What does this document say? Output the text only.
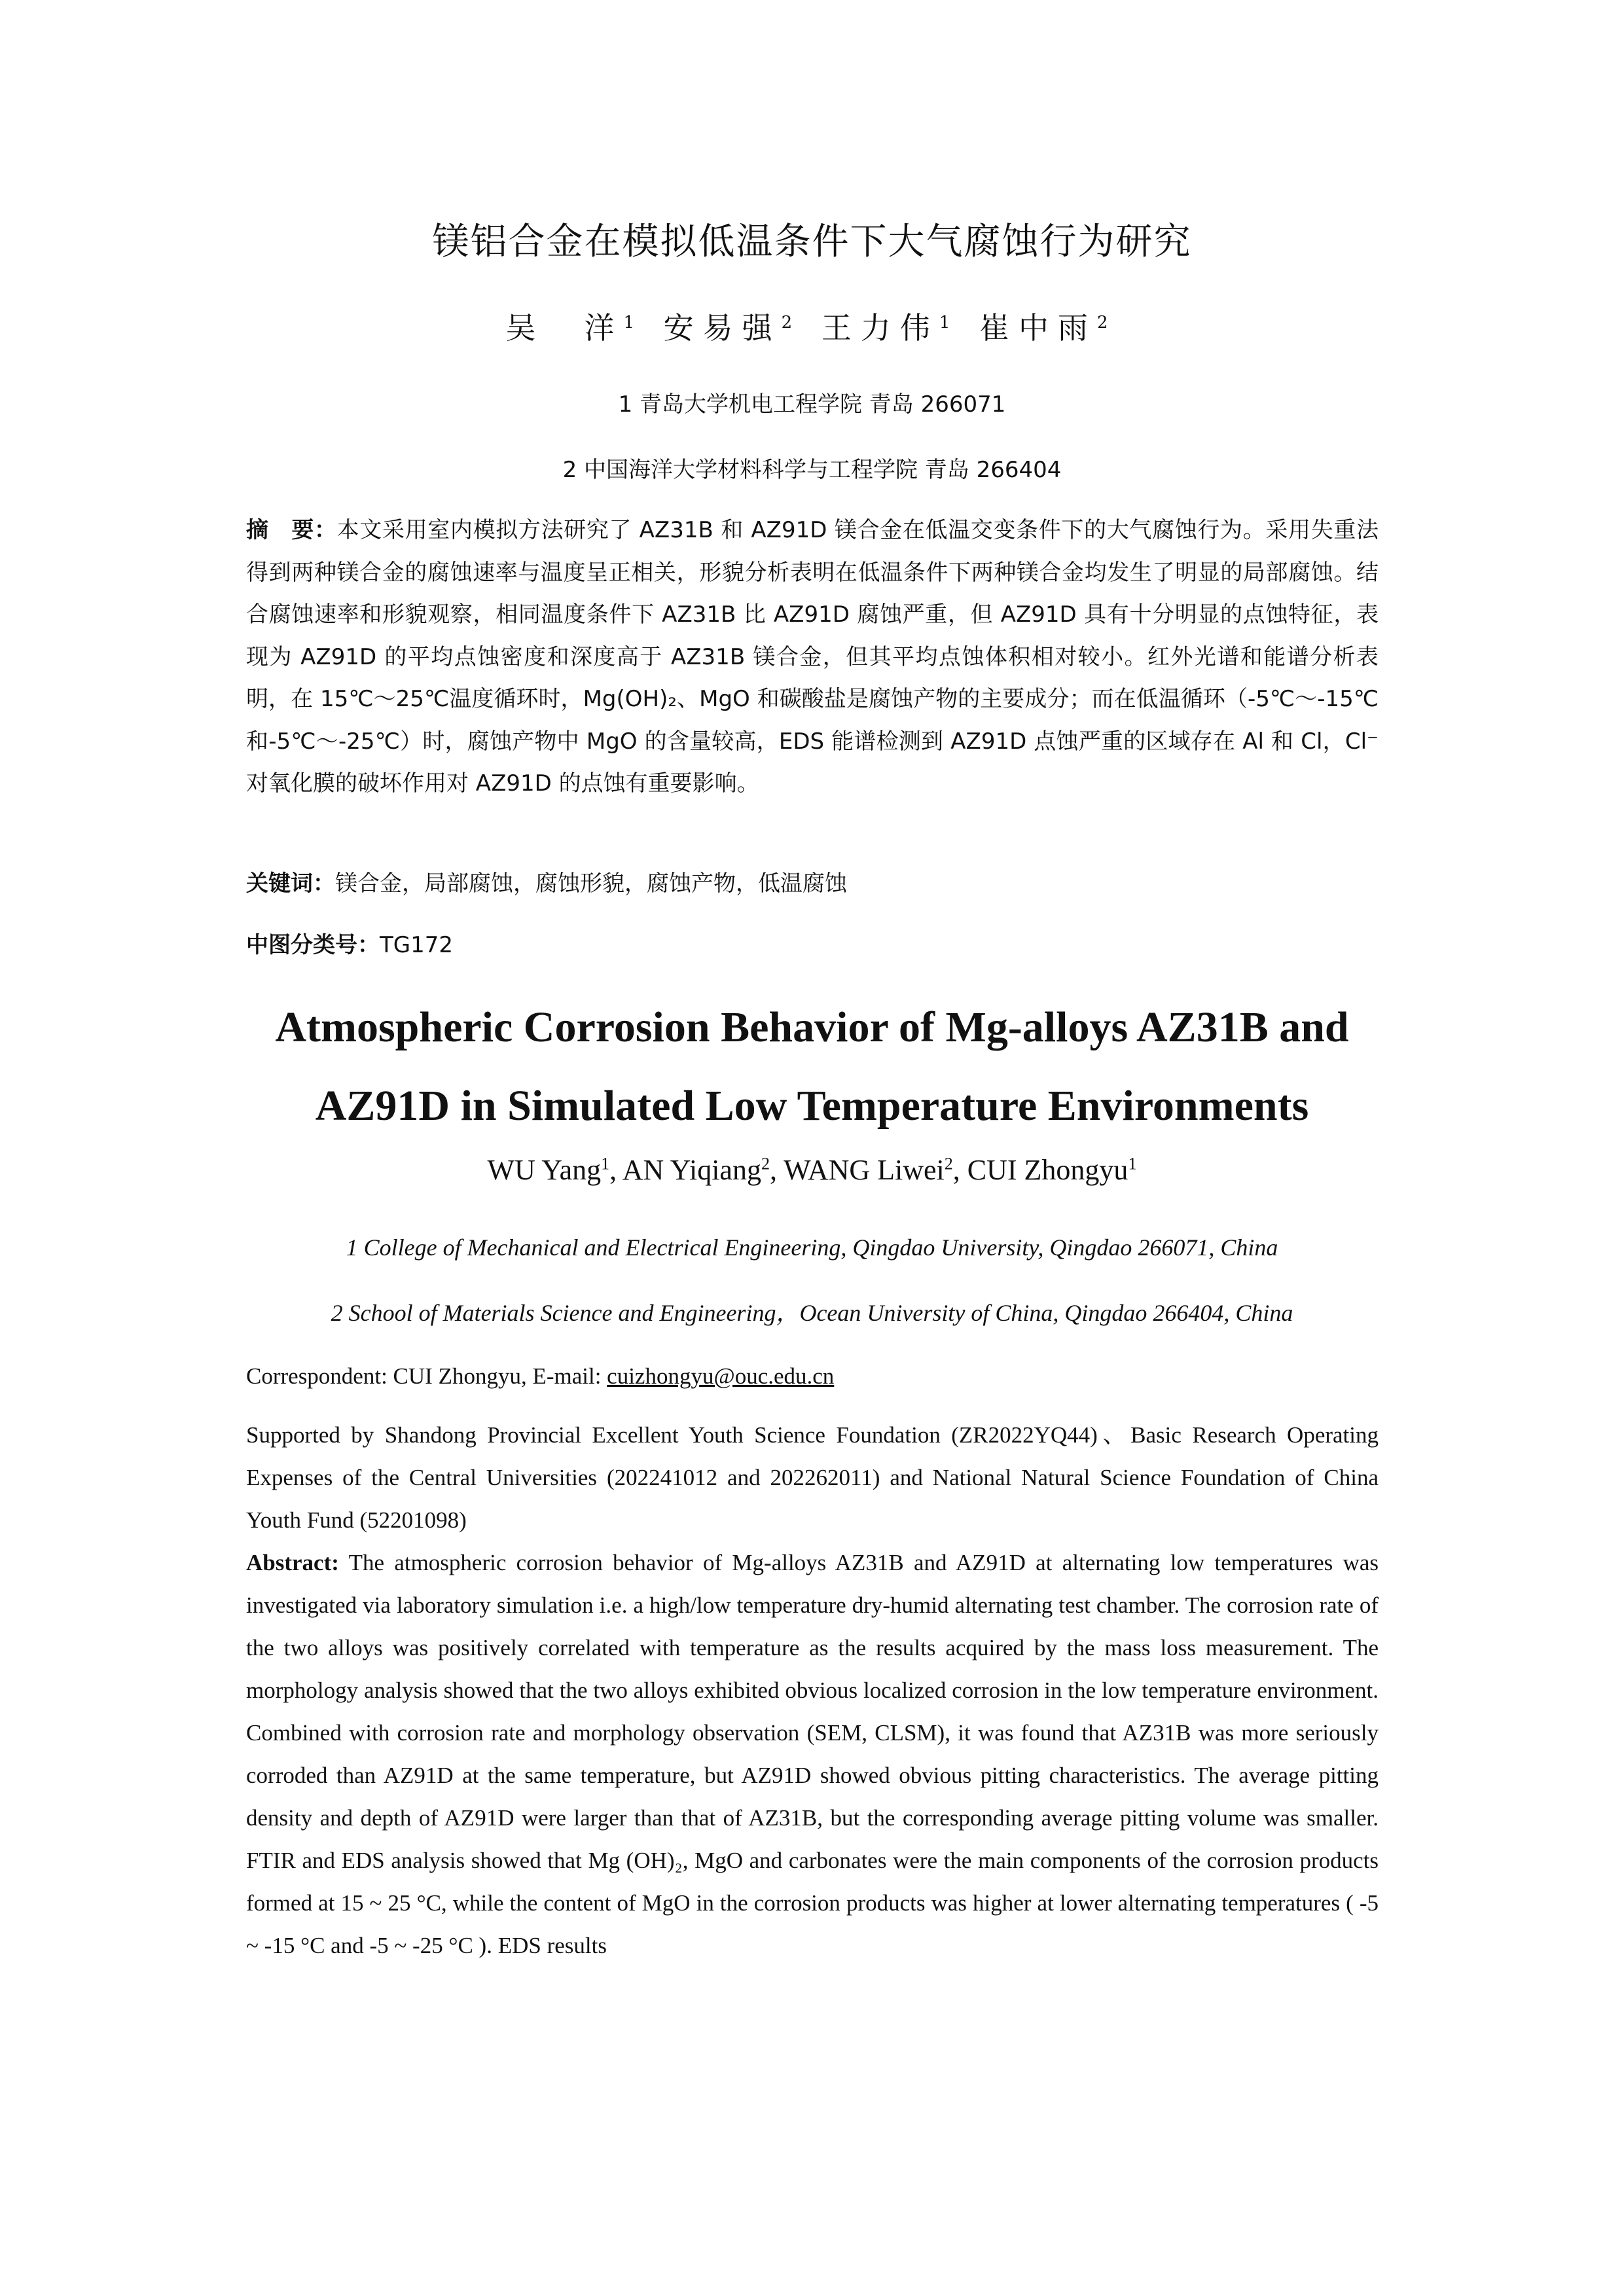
镁铝合金在模拟低温条件下大气腐蚀行为研究
吴　洋$^1$ 安易强$^2$ 王力伟$^1$ 崔中雨$^2$
1 青岛大学机电工程学院 青岛 266071
2 中国海洋大学材料科学与工程学院 青岛 266404

摘　要：本文采用室内模拟方法研究了 AZ31B 和 AZ91D 镁合金在低温交变条件下的大气腐蚀行为。采用失重法得到两种镁合金的腐蚀速率与温度呈正相关，形貌分析表明在低温条件下两种镁合金均发生了明显的局部腐蚀。结合腐蚀速率和形貌观察，相同温度条件下 AZ31B 比 AZ91D 腐蚀严重，但 AZ91D 具有十分明显的点蚀特征，表现为 AZ91D 的平均点蚀密度和深度高于 AZ31B 镁合金，但其平均点蚀体积相对较小。红外光谱和能谱分析表明，在 15℃～25℃温度循环时，Mg(OH)₂、MgO 和碳酸盐是腐蚀产物的主要成分；而在低温循环（-5℃～-15℃和-5℃～-25℃）时，腐蚀产物中 MgO 的含量较高，EDS 能谱检测到 AZ91D 点蚀严重的区域存在 Al 和 Cl，Cl⁻对氧化膜的破坏作用对 AZ91D 的点蚀有重要影响。

关键词：镁合金，局部腐蚀，腐蚀形貌，腐蚀产物，低温腐蚀

中图分类号：TG172

Atmospheric Corrosion Behavior of Mg-alloys AZ31B and
AZ91D in Simulated Low Temperature Environments
WU Yang$^1$, AN Yiqiang$^2$, WANG Liwei$^2$, CUI Zhongyu$^1$
1 College of Mechanical and Electrical Engineering, Qingdao University, Qingdao 266071, China
2 School of Materials Science and Engineering，Ocean University of China, Qingdao 266404, China

Correspondent: CUI Zhongyu, E-mail: cuizhongyu@ouc.edu.cn

Supported by Shandong Provincial Excellent Youth Science Foundation (ZR2022YQ44)、Basic Research Operating Expenses of the Central Universities (202241012 and 202262011) and National Natural Science Foundation of China Youth Fund (52201098)

Abstract: The atmospheric corrosion behavior of Mg-alloys AZ31B and AZ91D at alternating low temperatures was investigated via laboratory simulation i.e. a high/low temperature dry-humid alternating test chamber. The corrosion rate of the two alloys was positively correlated with temperature as the results acquired by the mass loss measurement. The morphology analysis showed that the two alloys exhibited obvious localized corrosion in the low temperature environment. Combined with corrosion rate and morphology observation (SEM, CLSM), it was found that AZ31B was more seriously corroded than AZ91D at the same temperature, but AZ91D showed obvious pitting characteristics. The average pitting density and depth of AZ91D were larger than that of AZ31B, but the corresponding average pitting volume was smaller. FTIR and EDS analysis showed that Mg (OH)₂, MgO and carbonates were the main components of the corrosion products formed at 15 ~ 25 °C, while the content of MgO in the corrosion products was higher at lower alternating temperatures ( -5 ~ -15 °C and -5 ~ -25 °C ). EDS results
